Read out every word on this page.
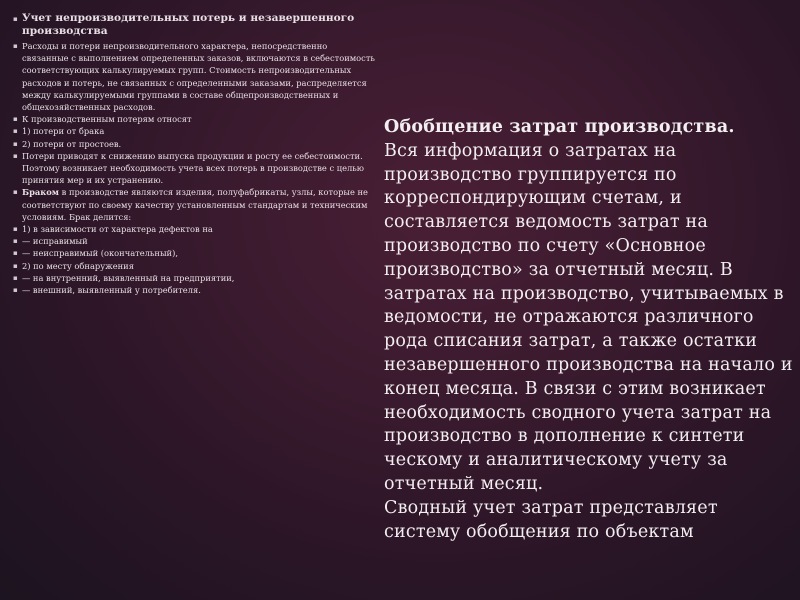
▪ Учет непроизводительных потерь и незавершенного производства
▪ Расходы и потери непроизводительного характера, непосредственно связанные с выполнением определенных заказов, включаются в себестоимость соответствующих калькулируемых групп. Стоимость непроизводительных расходов и потерь, не связанных с определенными заказами, распределяется между калькулируемыми группами в составе общепроизводственных и общехозяйственных расходов.
▪ К производственным потерям относят
▪ 1) потери от брака
▪ 2) потери от простоев.
▪ Потери приводят к снижению выпуска продукции и росту ее себестоимости. Поэтому возникает необходимость учета всех потерь в производстве с целью принятия мер и их устранению.
▪ Браком в производстве являются изделия, полуфабрикаты, узлы, которые не соответствуют по своему качеству установленным стандартам и техническим условиям. Брак делится:
▪ 1) в зависимости от характера дефектов на
▪ — исправимый
▪ — неисправимый (окончательный),
▪ 2) по месту обнаружения
▪ — на внутренний, выявленный на предприятии,
▪ — внешний, выявленный у потребителя.

Обобщение затрат производства.
Вся информация о затратах на производство группируется по корреспондирующим счетам, и составляется ведомость затрат на производство по счету «Основное производство» за отчетный месяц. В затратах на производство, учитываемых в ведомости, не отражаются различного рода списания затрат, а также остатки незавершенного производства на начало и конец месяца. В связи с этим возникает необходимость сводного учета затрат на производство в дополнение к синтети ческому и аналитическому учету за отчетный месяц.

Сводный учет затрат представляет системy обобщения по объектам
